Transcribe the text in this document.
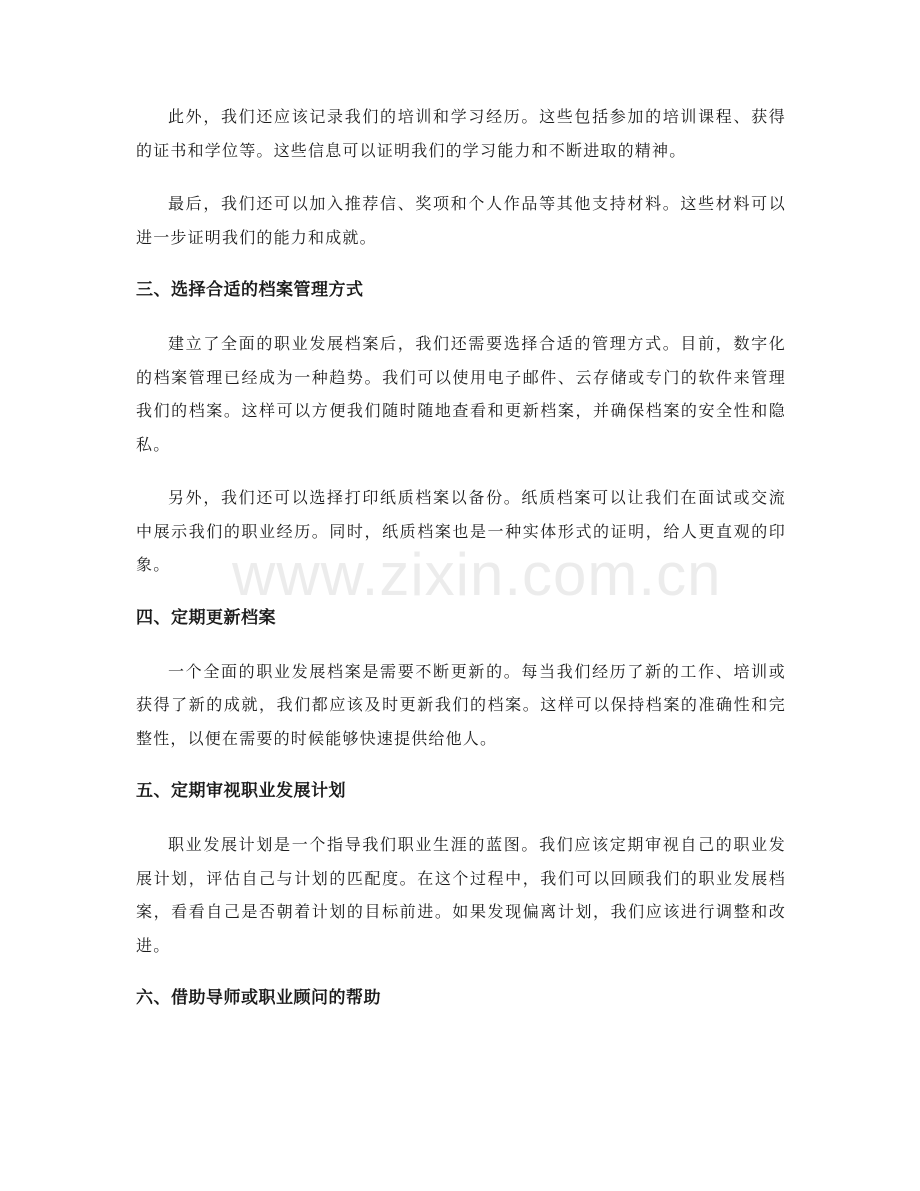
此外，我们还应该记录我们的培训和学习经历。这些包括参加的培训课程、获得的证书和学位等。这些信息可以证明我们的学习能力和不断进取的精神。

最后，我们还可以加入推荐信、奖项和个人作品等其他支持材料。这些材料可以进一步证明我们的能力和成就。

三、选择合适的档案管理方式

建立了全面的职业发展档案后，我们还需要选择合适的管理方式。目前，数字化的档案管理已经成为一种趋势。我们可以使用电子邮件、云存储或专门的软件来管理我们的档案。这样可以方便我们随时随地查看和更新档案，并确保档案的安全性和隐私。

另外，我们还可以选择打印纸质档案以备份。纸质档案可以让我们在面试或交流中展示我们的职业经历。同时，纸质档案也是一种实体形式的证明，给人更直观的印象。

四、定期更新档案

一个全面的职业发展档案是需要不断更新的。每当我们经历了新的工作、培训或获得了新的成就，我们都应该及时更新我们的档案。这样可以保持档案的准确性和完整性，以便在需要的时候能够快速提供给他人。

五、定期审视职业发展计划

职业发展计划是一个指导我们职业生涯的蓝图。我们应该定期审视自己的职业发展计划，评估自己与计划的匹配度。在这个过程中，我们可以回顾我们的职业发展档案，看看自己是否朝着计划的目标前进。如果发现偏离计划，我们应该进行调整和改进。

六、借助导师或职业顾问的帮助
www.zixin.com.cn
